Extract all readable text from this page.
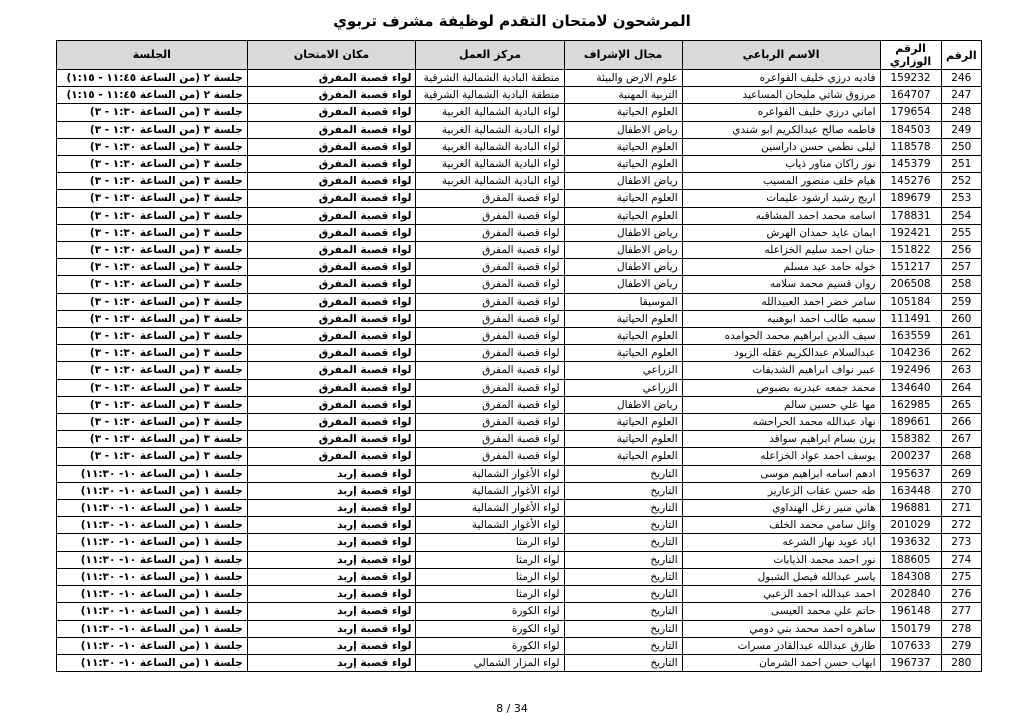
المرشحون لامتحان التقدم لوظيفة مشرف تربوي
الرقم	الرقم الوزاري	الاسم الرباعي	مجال الإشراف	مركز العمل	مكان الامتحان	الجلسة
246	159232	فاديه درزي خليف الفواعره	علوم الارض والبيئة	منطقة البادية الشمالية الشرقية	لواء قصبة المفرق	جلسة ٢ (من الساعة ١١:٤٥ - ١:١٥)
247	164707	مرزوق شاتي مليحان المساعيد	التربية المهنية	منطقة البادية الشمالية الشرقية	لواء قصبة المفرق	جلسة ٢ (من الساعة ١١:٤٥ - ١:١٥)
248	179654	اماني درزي خليف الفواعره	العلوم الحياتية	لواء البادية الشمالية الغربية	لواء قصبة المفرق	جلسة ٣ (من الساعة ١:٣٠ - ٣)
249	184503	فاطمه صالح عبدالكريم ابو شندي	رياض الاطفال	لواء البادية الشمالية الغربية	لواء قصبة المفرق	جلسة ٣ (من الساعة ١:٣٠ - ٣)
250	118578	ليلى نظمي حسن داراسين	العلوم الحياتية	لواء البادية الشمالية الغربية	لواء قصبة المفرق	جلسة ٣ (من الساعة ١:٣٠ - ٣)
251	145379	نور راكان مناور ذياب	العلوم الحياتية	لواء البادية الشمالية الغربية	لواء قصبة المفرق	جلسة ٣ (من الساعة ١:٣٠ - ٣)
252	145276	هيام خلف منصور المسيب	رياض الاطفال	لواء البادية الشمالية الغربية	لواء قصبة المفرق	جلسة ٣ (من الساعة ١:٣٠ - ٣)
253	189679	اريج رشيد ارشود عليمات	العلوم الحياتية	لواء قصبة المفرق	لواء قصبة المفرق	جلسة ٣ (من الساعة ١:٣٠ - ٣)
254	178831	اسامه محمد احمد المشاقبه	العلوم الحياتية	لواء قصبة المفرق	لواء قصبة المفرق	جلسة ٣ (من الساعة ١:٣٠ - ٣)
255	192421	ايمان عايد حمدان الهرش	رياض الاطفال	لواء قصبة المفرق	لواء قصبة المفرق	جلسة ٣ (من الساعة ١:٣٠ - ٣)
256	151822	حنان احمد سليم الخزاعله	رياض الاطفال	لواء قصبة المفرق	لواء قصبة المفرق	جلسة ٣ (من الساعة ١:٣٠ - ٣)
257	151217	خوله حامد عيد مسلم	رياض الاطفال	لواء قصبة المفرق	لواء قصبة المفرق	جلسة ٣ (من الساعة ١:٣٠ - ٣)
258	206508	روان قسيم محمد سلامه	رياض الاطفال	لواء قصبة المفرق	لواء قصبة المفرق	جلسة ٣ (من الساعة ١:٣٠ - ٣)
259	105184	سامر خضر احمد العبيدالله	الموسيقا	لواء قصبة المفرق	لواء قصبة المفرق	جلسة ٣ (من الساعة ١:٣٠ - ٣)
260	111491	سميه طالب احمد ابوهنيه	العلوم الحياتية	لواء قصبة المفرق	لواء قصبة المفرق	جلسة ٣ (من الساعة ١:٣٠ - ٣)
261	163559	سيف الدين ابراهيم محمد الحوامده	العلوم الحياتية	لواء قصبة المفرق	لواء قصبة المفرق	جلسة ٣ (من الساعة ١:٣٠ - ٣)
262	104236	عبدالسلام عبدالكريم عقله الزيود	العلوم الحياتية	لواء قصبة المفرق	لواء قصبة المفرق	جلسة ٣ (من الساعة ١:٣٠ - ٣)
263	192496	عبير نواف ابراهيم الشديفات	الزراعي	لواء قصبة المفرق	لواء قصبة المفرق	جلسة ٣ (من الساعة ١:٣٠ - ٣)
264	134640	محمد جمعه عبدربه بصبوص	الزراعي	لواء قصبة المفرق	لواء قصبة المفرق	جلسة ٣ (من الساعة ١:٣٠ - ٣)
265	162985	مها علي حسين سالم	رياض الاطفال	لواء قصبة المفرق	لواء قصبة المفرق	جلسة ٣ (من الساعة ١:٣٠ - ٣)
266	189661	نهاد عبدالله محمد الحراحشه	العلوم الحياتية	لواء قصبة المفرق	لواء قصبة المفرق	جلسة ٣ (من الساعة ١:٣٠ - ٣)
267	158382	يزن بسام ابراهيم سواقد	العلوم الحياتية	لواء قصبة المفرق	لواء قصبة المفرق	جلسة ٣ (من الساعة ١:٣٠ - ٣)
268	200237	يوسف احمد عواد الخزاعله	العلوم الحياتية	لواء قصبة المفرق	لواء قصبة المفرق	جلسة ٣ (من الساعة ١:٣٠ - ٣)
269	195637	ادهم اسامه ابراهيم موسى	التاريخ	لواء الأغوار الشمالية	لواء قصبة إربد	جلسة ١ (من الساعة ١٠- ١١:٣٠)
270	163448	طه حسن عقاب الزعارير	التاريخ	لواء الأغوار الشمالية	لواء قصبة إربد	جلسة ١ (من الساعة ١٠- ١١:٣٠)
271	196881	هاني منير زعل الهنداوي	التاريخ	لواء الأغوار الشمالية	لواء قصبة إربد	جلسة ١ (من الساعة ١٠- ١١:٣٠)
272	201029	وائل سامي محمد الخلف	التاريخ	لواء الأغوار الشمالية	لواء قصبة إربد	جلسة ١ (من الساعة ١٠- ١١:٣٠)
273	193632	اياد عويد نهار الشرعه	التاريخ	لواء الرمثا	لواء قصبة إربد	جلسة ١ (من الساعة ١٠- ١١:٣٠)
274	188605	نور احمد محمد الذيابات	التاريخ	لواء الرمثا	لواء قصبة إربد	جلسة ١ (من الساعة ١٠- ١١:٣٠)
275	184308	ياسر عبدالله فيصل الشبول	التاريخ	لواء الرمثا	لواء قصبة إربد	جلسة ١ (من الساعة ١٠- ١١:٣٠)
276	202840	احمد عبدالله احمد الزعبي	التاريخ	لواء الرمثا	لواء قصبة إربد	جلسة ١ (من الساعة ١٠- ١١:٣٠)
277	196148	حاتم علي محمد العيسى	التاريخ	لواء الكورة	لواء قصبة إربد	جلسة ١ (من الساعة ١٠- ١١:٣٠)
278	150179	ساهره احمد محمد بني دومي	التاريخ	لواء الكورة	لواء قصبة إربد	جلسة ١ (من الساعة ١٠- ١١:٣٠)
279	107633	طارق عبدالله عبدالقادر مسرات	التاريخ	لواء الكورة	لواء قصبة إربد	جلسة ١ (من الساعة ١٠- ١١:٣٠)
280	196737	ايهاب حسن احمد الشرمان	التاريخ	لواء المزار الشمالي	لواء قصبة إربد	جلسة ١ (من الساعة ١٠- ١١:٣٠)
8 / 34
